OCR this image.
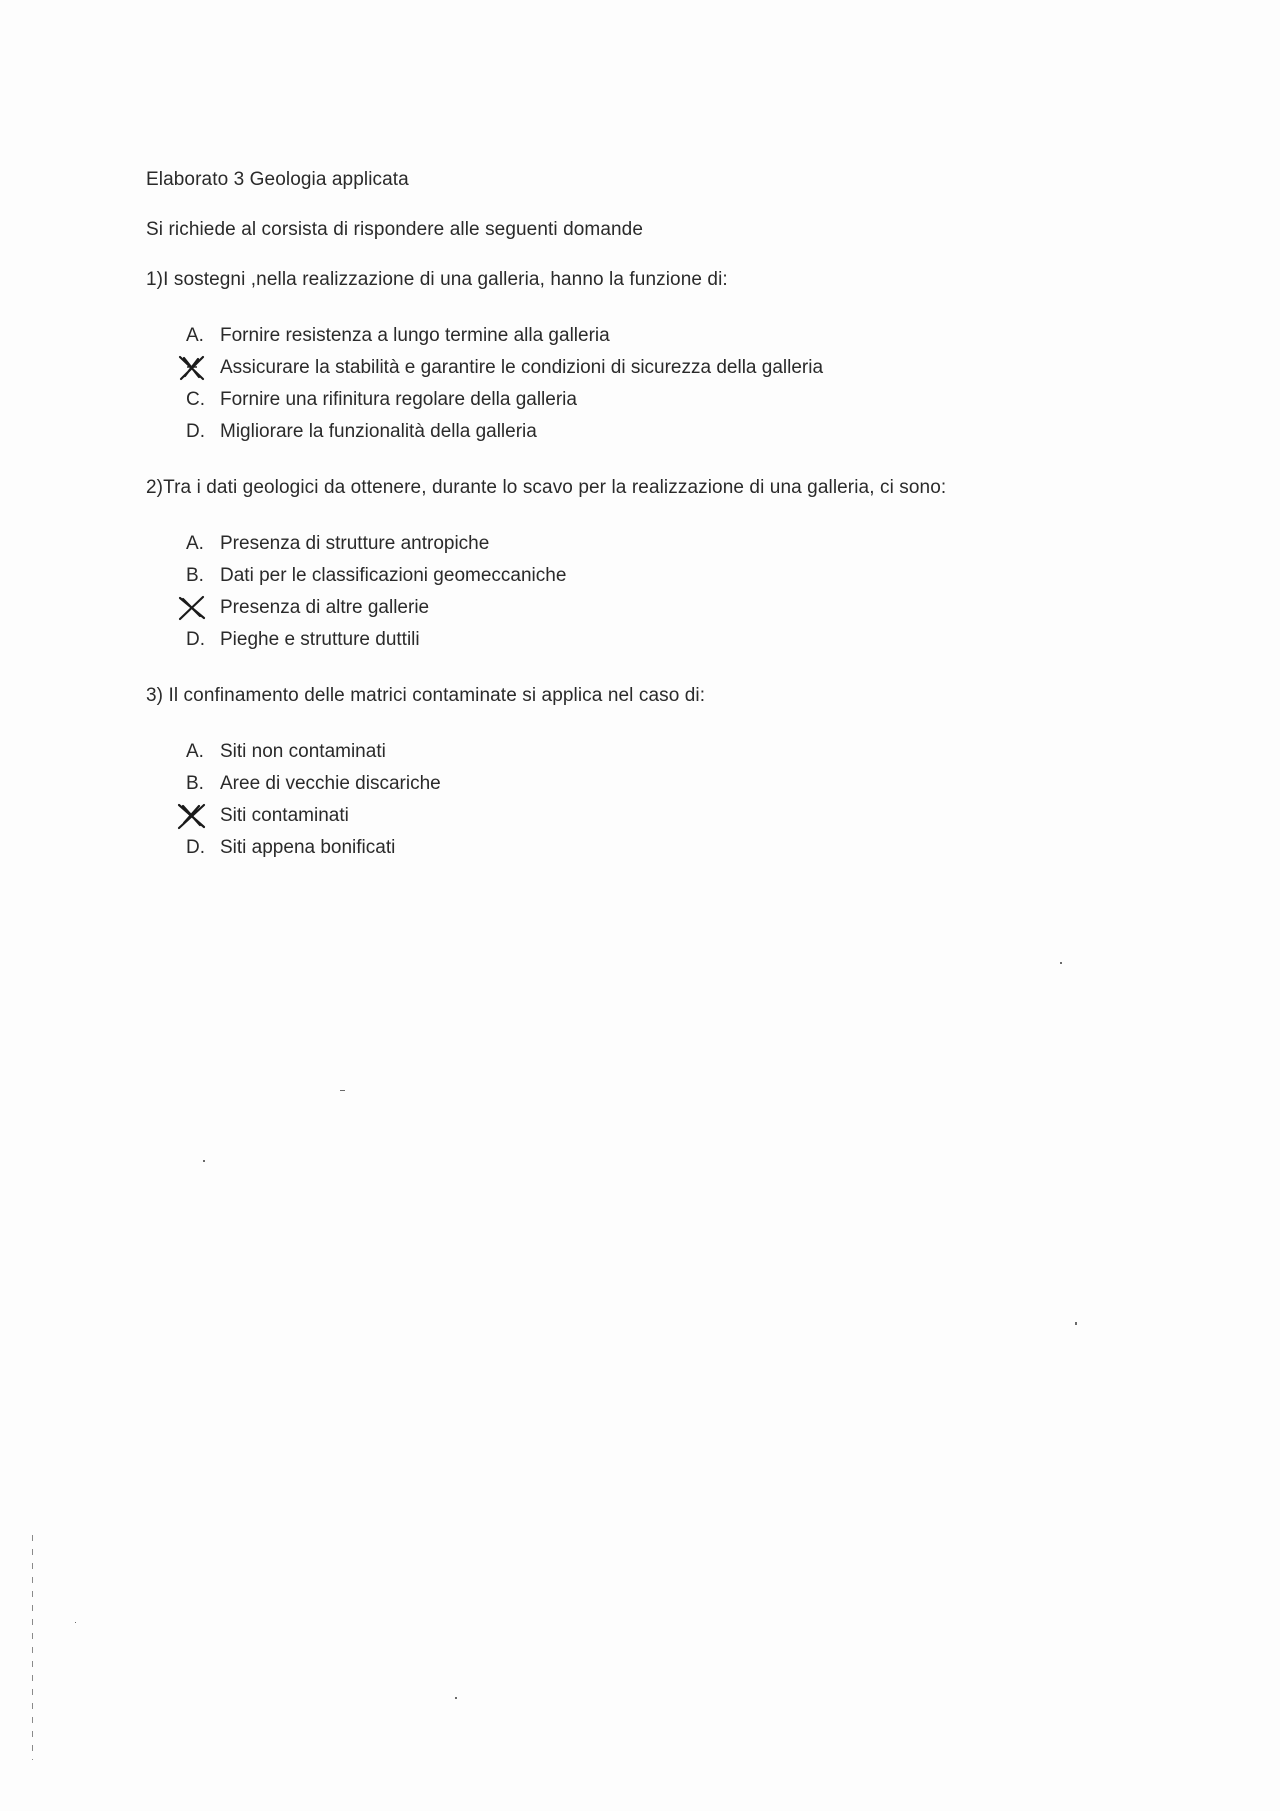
Elaborato 3 Geologia applicata
Si richiede al corsista di rispondere alle seguenti domande
1)I sostegni ,nella realizzazione di una galleria, hanno la funzione di:
A. Fornire resistenza a lungo termine alla galleria
Assicurare la stabilità e garantire le condizioni di sicurezza della galleria
C. Fornire una rifinitura regolare della galleria
D. Migliorare la funzionalità della galleria
2)Tra i dati geologici da ottenere, durante lo scavo per la realizzazione di una galleria, ci sono:
A. Presenza di strutture antropiche
B. Dati per le classificazioni geomeccaniche
Presenza di altre gallerie
D. Pieghe e strutture duttili
3) Il confinamento delle matrici contaminate si applica nel caso di:
A. Siti non contaminati
B. Aree di vecchie discariche
Siti contaminati
D. Siti appena bonificati
